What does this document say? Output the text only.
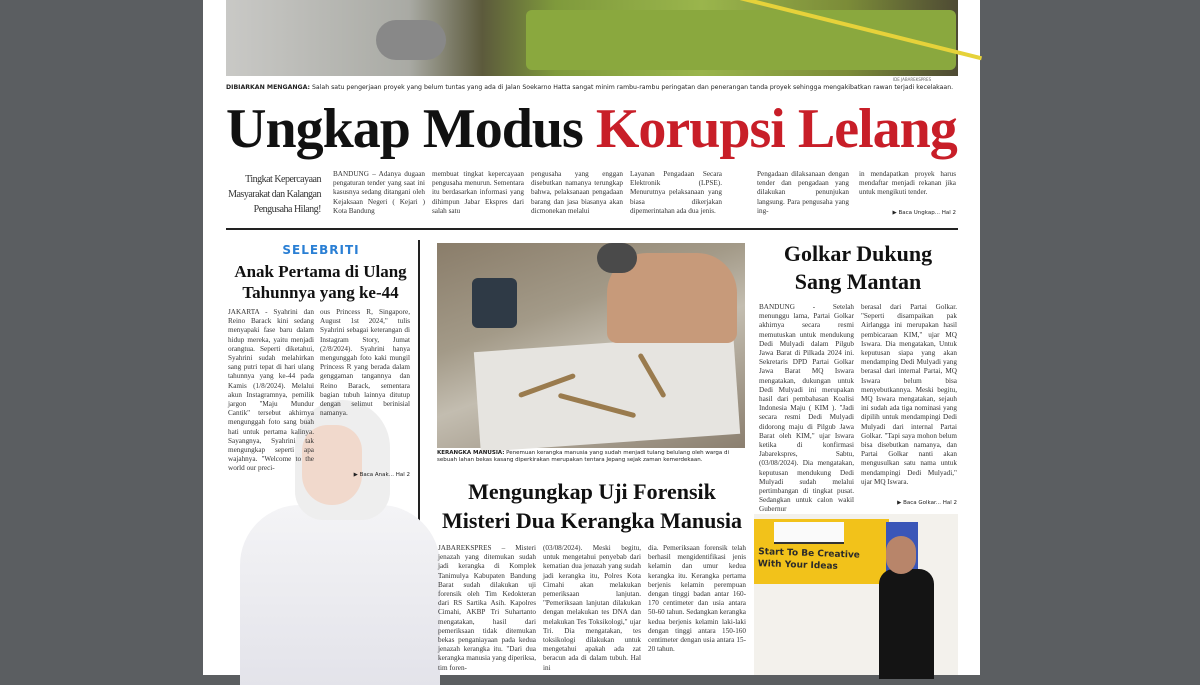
IDE JABAREKSPRES
DIBIARKAN MENGANGA: Salah satu pengerjaan proyek yang belum tuntas yang ada di Jalan Soekarno Hatta sangat minim rambu-rambu peringatan dan penerangan tanda proyek sehingga mengakibatkan rawan terjadi kecelakaan.
Ungkap Modus Korupsi Lelang
Tingkat Kepercayaan Masyarakat dan Kalangan Pengusaha Hilang!
BANDUNG – Adanya dugaan pengaturan tender yang saat ini kasusnya sedang ditangani oleh Kejaksaan Negeri ( Kejari ) Kota Bandung
membuat tingkat kepercayaan pengusaha menurun. Sementara itu berdasarkan informasi yang dihimpun Jabar Ekspres dari salah satu
pengusaha yang enggan disebutkan namanya terungkap bahwa, pelaksanaan pengadaan barang dan jasa biasanya akan dicmonekan melalui
Layanan Pengadaan Secara Elektronik (LPSE). Menurutnya pelaksanaan yang biasa dikerjakan dipemerintahan ada dua jenis.
Pengadaan dilaksanaan dengan tender dan pengadaan yang dilakukan penunjukan langsung. Para pengusaha yang ing-
in mendapatkan proyek harus mendaftar menjadi rekanan jika untuk mengikuti tender.
▶ Baca Ungkap... Hal 2
SELEBRITI
Anak Pertama di Ulang Tahunnya yang ke-44
JAKARTA - Syahrini dan Reino Barack kini sedang menyapaki fase baru dalam hidup mereka, yaitu menjadi orangtua. Seperti diketahui, Syahrini sudah melahirkan sang putri tepat di hari ulang tahunnya yang ke-44 pada Kamis (1/8/2024). Melalui akun Instagramnya, pemilik jargon "Maju Mundur Cantik" tersebut akhirnya mengunggah foto sang buah hati untuk pertama kalinya. Sayangnya, Syahrini tak mengungkap seperti apa wajahnya. "Welcome to the world our preci-
ous Princess R, Singapore, August 1st 2024," tulis Syahrini sebagai keterangan di Instagram Story, Jumat (2/8/2024). Syahrini hanya mengunggah foto kaki mungil Princess R yang berada dalam genggaman tangannya dan Reino Barack, sementara bagian tubuh lainnya ditutup dengan selimut berinisial namanya.
▶ Baca Anak... Hal 2
KERANGKA MANUSIA: Penemuan kerangka manusia yang sudah menjadi tulang belulang oleh warga di sebuah lahan bekas kasang diperkirakan merupakan tentara Jepang sejak zaman kemerdekaan.
Mengungkap Uji Forensik Misteri Dua Kerangka Manusia
JABAREKSPRES – Misteri jenazah yang ditemukan sudah jadi kerangka di Komplek Tanimulya Kabupaten Bandung Barat sudah dilakukan uji forensik oleh Tim Kedokteran dari RS Sartika Asih. Kapolres Cimahi, AKBP Tri Suhartanto mengatakan, hasil dari pemeriksaan tidak ditemukan bekas penganiayaan pada kedua jenazah kerangka itu. "Dari dua kerangka manusia yang diperiksa, tim foren-
(03/08/2024). Meski begitu, untuk mengetahui penyebab dari kematian dua jenazah yang sudah jadi kerangka itu, Polres Kota Cimahi akan melakukan pemeriksaan lanjutan. "Pemeriksaan lanjutan dilakukan dengan melakukan tes DNA dan melakukan Tes Toksikologi," ujar Tri. Dia mengatakan, tes toksikologi dilakukan untuk mengetahui apakah ada zat beracun ada di dalam tubuh. Hal ini
dia. Pemeriksaan forensik telah berhasil mengidentifikasi jenis kelamin dan umur kedua kerangka itu. Kerangka pertama berjenis kelamin perempuan dengan tinggi badan antar 160-170 centimeter dan usia antara 50-60 tahun. Sedangkan kerangka kedua berjenis kelamin laki-laki dengan tinggi antara 150-160 centimeter dengan usia antara 15-20 tahun.
Golkar Dukung Sang Mantan
BANDUNG - Setelah menunggu lama, Partai Golkar akhirnya secara resmi memutuskan untuk mendukung Dedi Mulyadi dalam Pilgub Jawa Barat di Pilkada 2024 ini. Sekretaris DPD Partai Golkar Jawa Barat MQ Iswara mengatakan, dukungan untuk Dedi Mulyadi ini merupakan hasil dari pembahasan Koalisi Indonesia Maju ( KIM ). "Jadi secara resmi Dedi Mulyadi didorong maju di Pilgub Jawa Barat oleh KIM," ujar Iswara ketika di konfirmasi Jabarekspres, Sabtu, (03/08/2024). Dia mengatakan, keputusan mendukung Dedi Mulyadi sudah melalui pertimbangan di tingkat pusat. Sedangkan untuk calon wakil Gubernur
berasal dari Partai Golkar. "Seperti disampaikan pak Airlangga ini merupakan hasil pembicaraan KIM," ujar MQ Iswara. Dia mengatakan, Untuk keputusan siapa yang akan mendamping Dedi Mulyadi yang berasal dari internal Partai, MQ Iswara belum bisa menyebutkannya. Meski begitu, MQ Iswara mengatakan, sejauh ini sudah ada tiga nominasi yang dipilih untuk mendampingi Dedi Mulyadi dari internal Partai Golkar. "Tapi saya mohon belum bisa disebutkan namanya, dan Partai Golkar nanti akan mengusulkan satu nama untuk mendampingi Dedi Mulyadi," ujar MQ Iswara.
▶ Baca Golkar... Hal 2
Start To Be Creative With Your Ideas
